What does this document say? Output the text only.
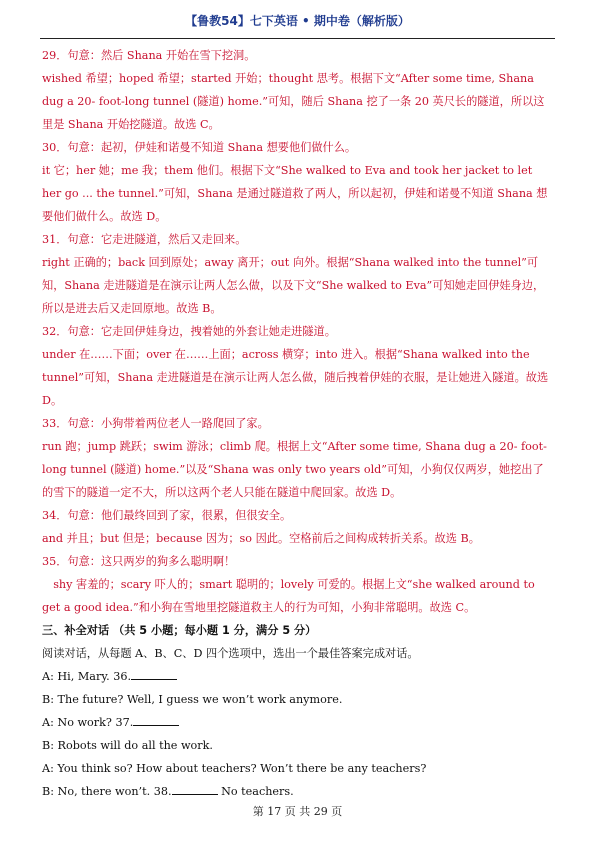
【鲁教54】七下英语 • 期中卷（解析版）

29．句意：然后 Shana 开始在雪下挖洞。

wished 希望；hoped 希望；started 开始；thought 思考。根据下文“After some time, Shana dug a 20- foot-long tunnel (隧道) home.”可知，随后 Shana 挖了一条 20 英尺长的隧道，所以这里是 Shana 开始挖隧道。故选 C。

30．句意：起初，伊娃和诺曼不知道 Shana 想要他们做什么。

it 它；her 她；me 我；them 他们。根据下文“She walked to Eva and took her jacket to let her go ... the tunnel.”可知，Shana 是通过隧道救了两人，所以起初，伊娃和诺曼不知道 Shana 想要他们做什么。故选 D。

31．句意：它走进隧道，然后又走回来。

right 正确的；back 回到原处；away 离开；out 向外。根据“Shana walked into the tunnel”可知，Shana 走进隧道是在演示让两人怎么做，以及下文“She walked to Eva”可知她走回伊娃身边，所以是进去后又走回原地。故选 B。

32．句意：它走回伊娃身边，拽着她的外套让她走进隧道。

under 在……下面；over 在……上面；across 横穿；into 进入。根据“Shana walked into the tunnel”可知，Shana 走进隧道是在演示让两人怎么做，随后拽着伊娃的衣服，是让她进入隧道。故选 D。

33．句意：小狗带着两位老人一路爬回了家。

run 跑；jump 跳跃；swim 游泳；climb 爬。根据上文“After some time, Shana dug a 20- foot- long tunnel (隧道) home.”以及“Shana was only two years old”可知，小狗仅仅两岁，她挖出了的雪下的隧道一定不大，所以这两个老人只能在隧道中爬回家。故选 D。

34．句意：他们最终回到了家，很累，但很安全。

and 并且；but 但是；because 因为；so 因此。空格前后之间构成转折关系。故选 B。

35．句意：这只两岁的狗多么聪明啊！

shy 害羞的；scary 吓人的；smart 聪明的；lovely 可爱的。根据上文“she walked around to get a good idea.”和小狗在雪地里挖隧道救主人的行为可知，小狗非常聪明。故选 C。

三、补全对话 （共 5 小题；每小题 1 分，满分 5 分）

阅读对话，从每题 A、B、C、D 四个选项中，选出一个最佳答案完成对话。

A: Hi, Mary. 36.

B: The future? Well, I guess we won’t work anymore.

A: No work? 37.

B: Robots will do all the work.

A: You think so? How about teachers? Won’t there be any teachers?

B: No, there won’t. 38.	No teachers.

第 17 页 共 29 页
